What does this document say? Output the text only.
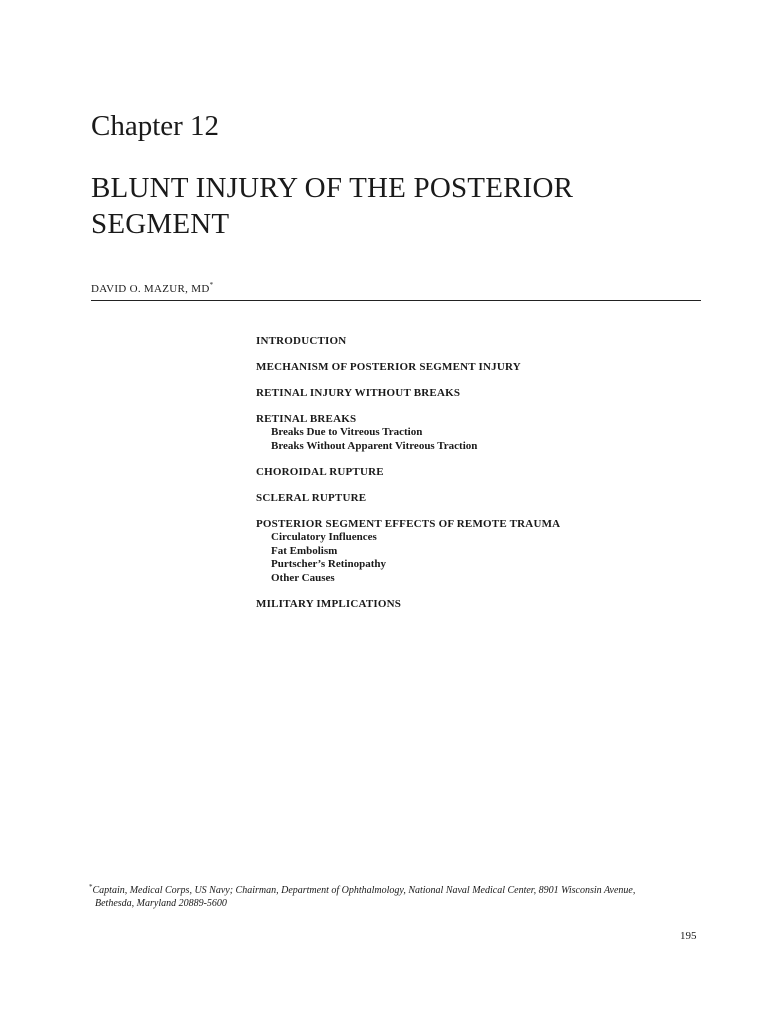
Chapter 12
BLUNT INJURY OF THE POSTERIOR
SEGMENT
DAVID O. MAZUR, MD*
INTRODUCTION
MECHANISM OF POSTERIOR SEGMENT INJURY
RETINAL INJURY WITHOUT BREAKS
RETINAL BREAKS
Breaks Due to Vitreous Traction
Breaks Without Apparent Vitreous Traction
CHOROIDAL RUPTURE
SCLERAL RUPTURE
POSTERIOR SEGMENT EFFECTS OF REMOTE TRAUMA
Circulatory Influences
Fat Embolism
Purtscher’s Retinopathy
Other Causes
MILITARY IMPLICATIONS
*Captain, Medical Corps, US Navy; Chairman, Department of Ophthalmology, National Naval Medical Center, 8901 Wisconsin Avenue,
Bethesda, Maryland 20889-5600
195
